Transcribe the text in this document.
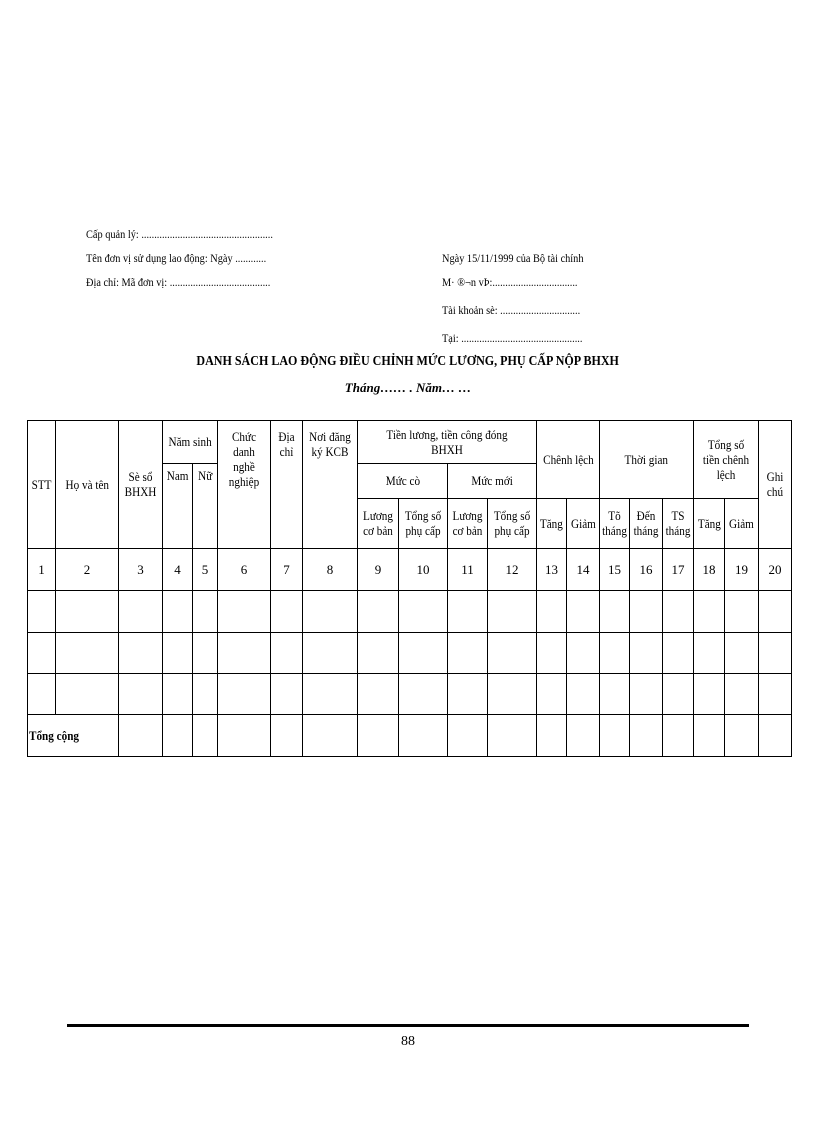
Cấp quản lý: ...................................................
Tên đơn vị sử dụng lao động: Ngày ............
Địa chỉ: Mã đơn vị: .......................................
Ngày 15/11/1999 của Bộ tài chính
M· ®¬n vÞ:.................................
Tài khoản sè: ...............................
Tại: ...............................................
DANH SÁCH LAO ĐỘNG ĐIỀU CHỈNH MỨC LƯƠNG, PHỤ CẤP NỘP BHXH
Tháng…… . Năm… …
STT	Họ và tên	Sè sổ BHXH	Năm sinh		Chức danh nghề nghiệp	Địa chỉ	Nơi đăng ký KCB	Tiền lương, tiền công đóng BHXH				Chênh lệch		Thời gian			Tổng số tiền chênh lệch		Ghi chú
			Nam	Nữ				Mức cò		Mức mới									
								Lương cơ bản	Tổng số phụ cấp	Lương cơ bản	Tổng số phụ cấp	Tăng	Giảm	Tõ tháng	Đến tháng	TS tháng	Tăng	Giảm	
1	2	3	4	5	6	7	8	9	10	11	12	13	14	15	16	17	18	19	20

Tổng cộng																			
88
